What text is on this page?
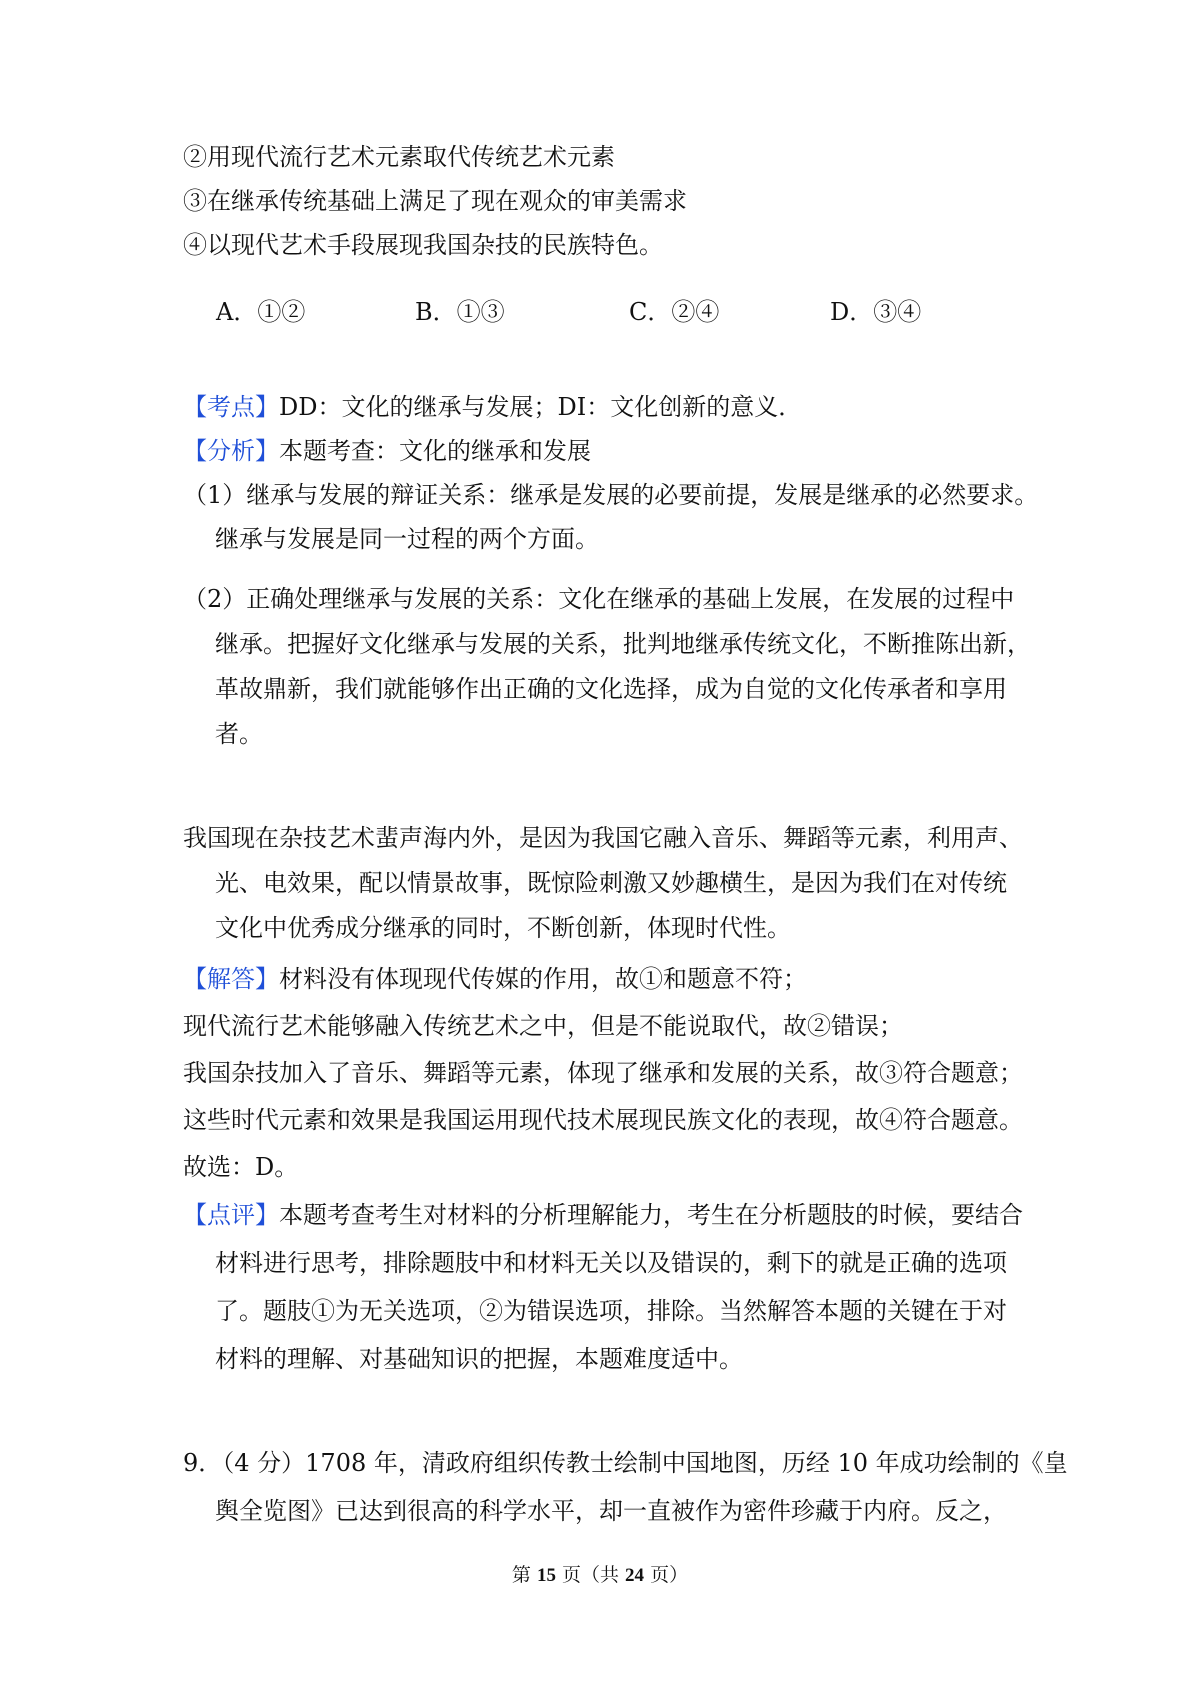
②用现代流行艺术元素取代传统艺术元素
③在继承传统基础上满足了现在观众的审美需求
④以现代艺术手段展现我国杂技的民族特色。
A．①②	B．①③	C．②④	D．③④
【考点】DD：文化的继承与发展；DI：文化创新的意义．
【分析】本题考查：文化的继承和发展
（1）继承与发展的辩证关系：继承是发展的必要前提，发展是继承的必然要求。
继承与发展是同一过程的两个方面。
（2）正确处理继承与发展的关系：文化在继承的基础上发展，在发展的过程中
继承。把握好文化继承与发展的关系，批判地继承传统文化，不断推陈出新，
革故鼎新，我们就能够作出正确的文化选择，成为自觉的文化传承者和享用
者。
我国现在杂技艺术蜚声海内外，是因为我国它融入音乐、舞蹈等元素，利用声、
光、电效果，配以情景故事，既惊险刺激又妙趣横生，是因为我们在对传统
文化中优秀成分继承的同时，不断创新，体现时代性。
【解答】材料没有体现现代传媒的作用，故①和题意不符；
现代流行艺术能够融入传统艺术之中，但是不能说取代，故②错误；
我国杂技加入了音乐、舞蹈等元素，体现了继承和发展的关系，故③符合题意；
这些时代元素和效果是我国运用现代技术展现民族文化的表现，故④符合题意。
故选：D。
【点评】本题考查考生对材料的分析理解能力，考生在分析题肢的时候，要结合
材料进行思考，排除题肢中和材料无关以及错误的，剩下的就是正确的选项
了。题肢①为无关选项，②为错误选项，排除。当然解答本题的关键在于对
材料的理解、对基础知识的把握，本题难度适中。
9．（4 分）1708 年，清政府组织传教士绘制中国地图，历经 10 年成功绘制的《皇
舆全览图》已达到很高的科学水平，却一直被作为密件珍藏于内府。反之，
第 15 页（共 24 页）
